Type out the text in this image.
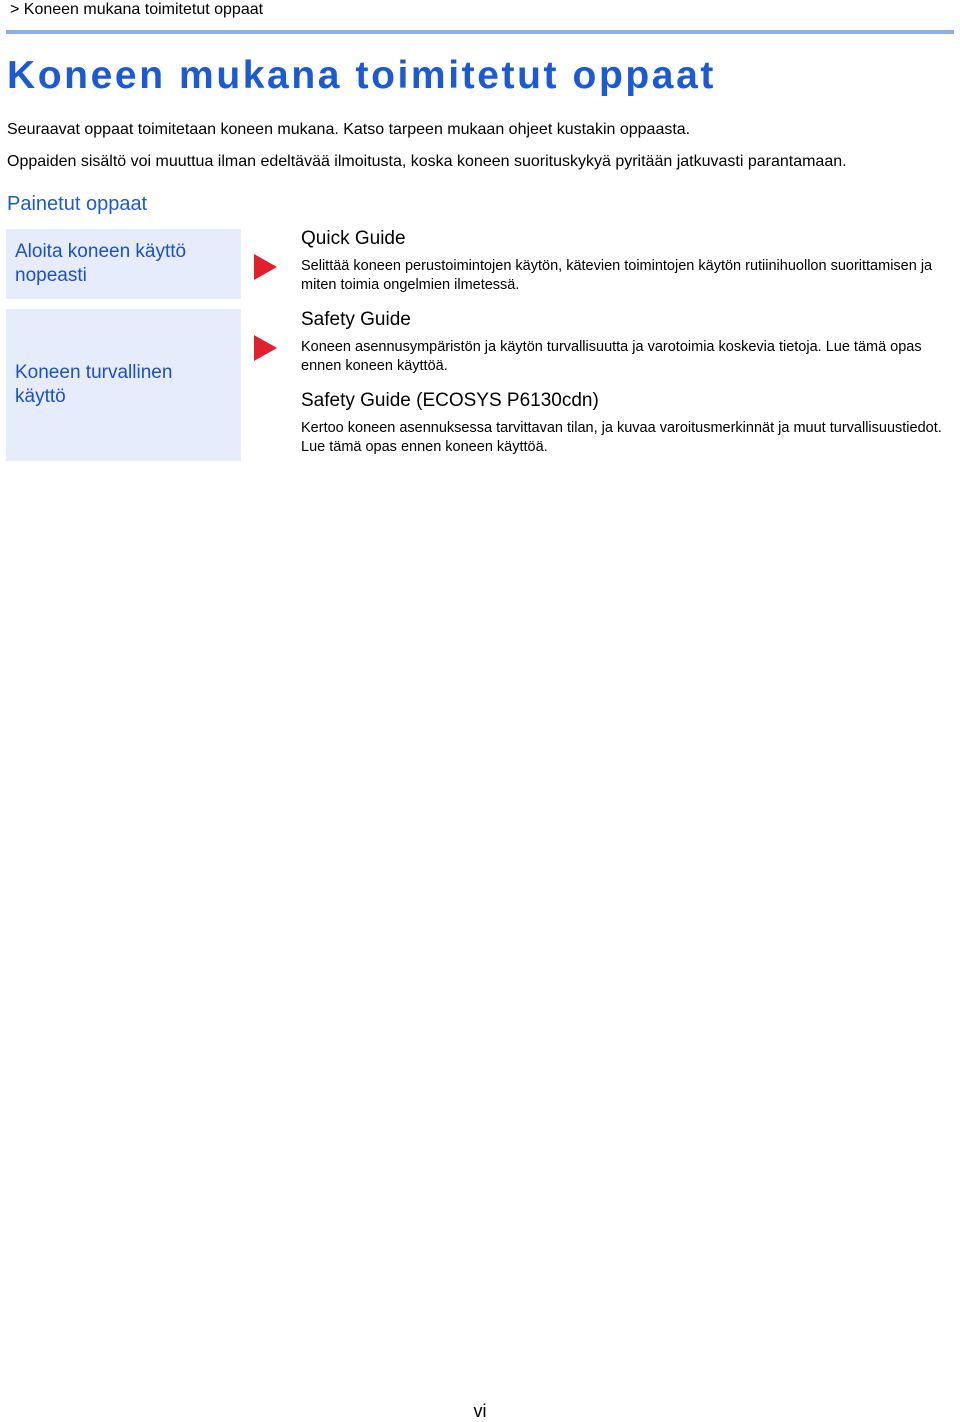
> Koneen mukana toimitetut oppaat
Koneen mukana toimitetut oppaat
Seuraavat oppaat toimitetaan koneen mukana. Katso tarpeen mukaan ohjeet kustakin oppaasta.
Oppaiden sisältö voi muuttua ilman edeltävää ilmoitusta, koska koneen suorituskykyä pyritään jatkuvasti parantamaan.
Painetut oppaat
Aloita koneen käyttö
nopeasti
Koneen turvallinen
käyttö
Quick Guide

Selittää koneen perustoimintojen käytön, kätevien toimintojen käytön rutiinihuollon suorittamisen ja miten toimia ongelmien ilmetessä.

Safety Guide

Koneen asennusympäristön ja käytön turvallisuutta ja varotoimia koskevia tietoja. Lue tämä opas ennen koneen käyttöä.

Safety Guide (ECOSYS P6130cdn)

Kertoo koneen asennuksessa tarvittavan tilan, ja kuvaa varoitusmerkinnät ja muut turvallisuustiedot. Lue tämä opas ennen koneen käyttöä.

vi
